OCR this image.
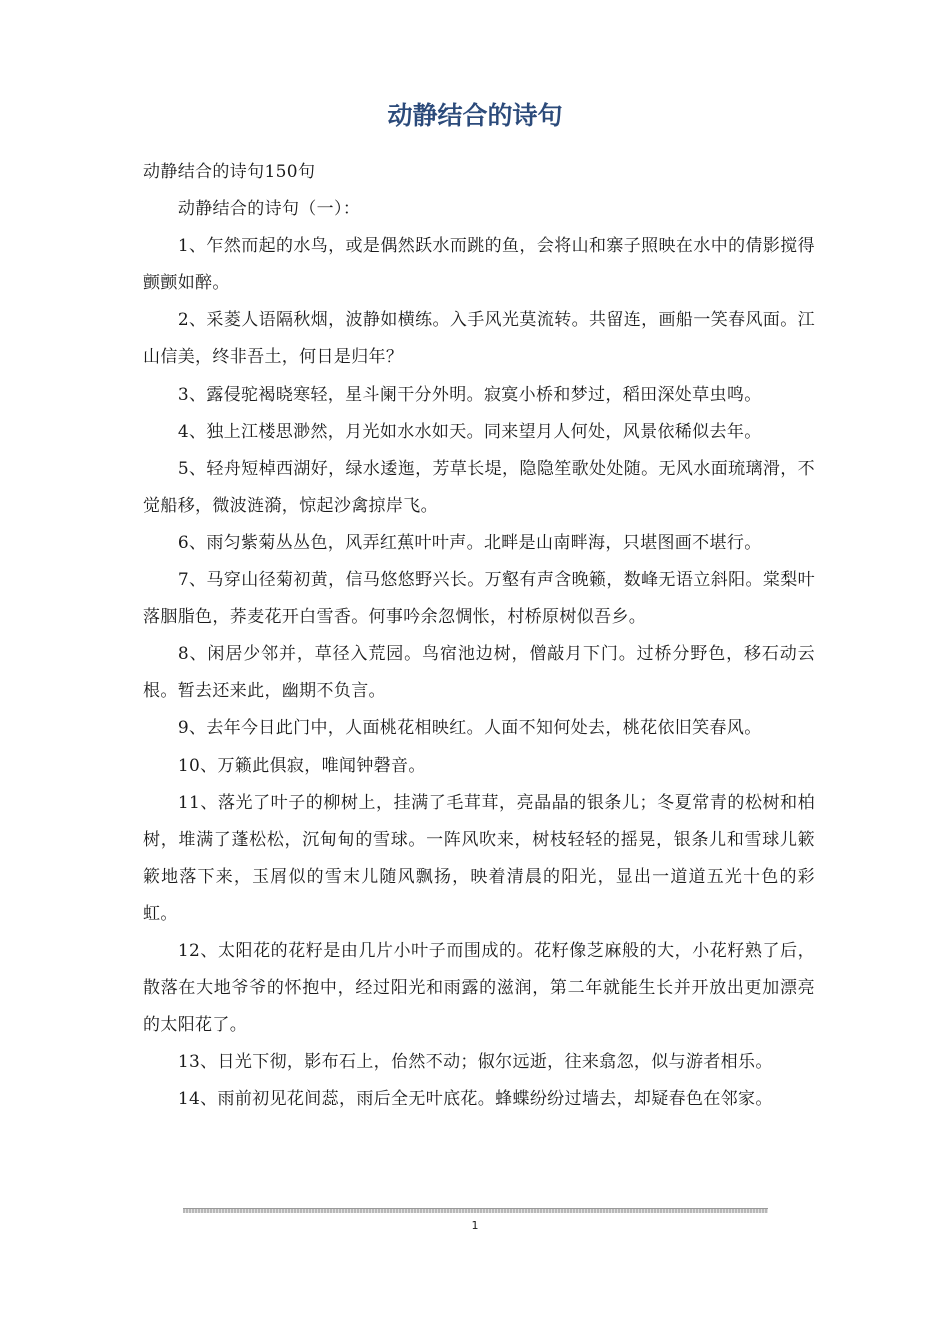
动静结合的诗句

动静结合的诗句150句

动静结合的诗句（一）：

1、乍然而起的水鸟，或是偶然跃水而跳的鱼，会将山和寨子照映在水中的倩影搅得颤颤如醉。

2、采菱人语隔秋烟，波静如横练。入手风光莫流转。共留连，画船一笑春风面。江山信美，终非吾土，何日是归年？

3、露侵驼褐晓寒轻，星斗阑干分外明。寂寞小桥和梦过，稻田深处草虫鸣。

4、独上江楼思渺然，月光如水水如天。同来望月人何处，风景依稀似去年。

5、轻舟短棹西湖好，绿水逶迤，芳草长堤，隐隐笙歌处处随。无风水面琉璃滑，不觉船移，微波涟漪，惊起沙禽掠岸飞。

6、雨匀紫菊丛丛色，风弄红蕉叶叶声。北畔是山南畔海，只堪图画不堪行。

7、马穿山径菊初黄，信马悠悠野兴长。万壑有声含晚籁，数峰无语立斜阳。棠梨叶落胭脂色，荞麦花开白雪香。何事吟余忽惆怅，村桥原树似吾乡。

8、闲居少邻并，草径入荒园。鸟宿池边树，僧敲月下门。过桥分野色，移石动云根。暂去还来此，幽期不负言。

9、去年今日此门中，人面桃花相映红。人面不知何处去，桃花依旧笑春风。

10、万籁此俱寂，唯闻钟磬音。

11、落光了叶子的柳树上，挂满了毛茸茸，亮晶晶的银条儿；冬夏常青的松树和柏树，堆满了蓬松松，沉甸甸的雪球。一阵风吹来，树枝轻轻的摇晃，银条儿和雪球儿簌簌地落下来，玉屑似的雪末儿随风飘扬，映着清晨的阳光，显出一道道五光十色的彩虹。

12、太阳花的花籽是由几片小叶子而围成的。花籽像芝麻般的大，小花籽熟了后，散落在大地爷爷的怀抱中，经过阳光和雨露的滋润，第二年就能生长并开放出更加漂亮的太阳花了。

13、日光下彻，影布石上，佁然不动；俶尔远逝，往来翕忽，似与游者相乐。

14、雨前初见花间蕊，雨后全无叶底花。蜂蝶纷纷过墙去，却疑春色在邻家。

1
